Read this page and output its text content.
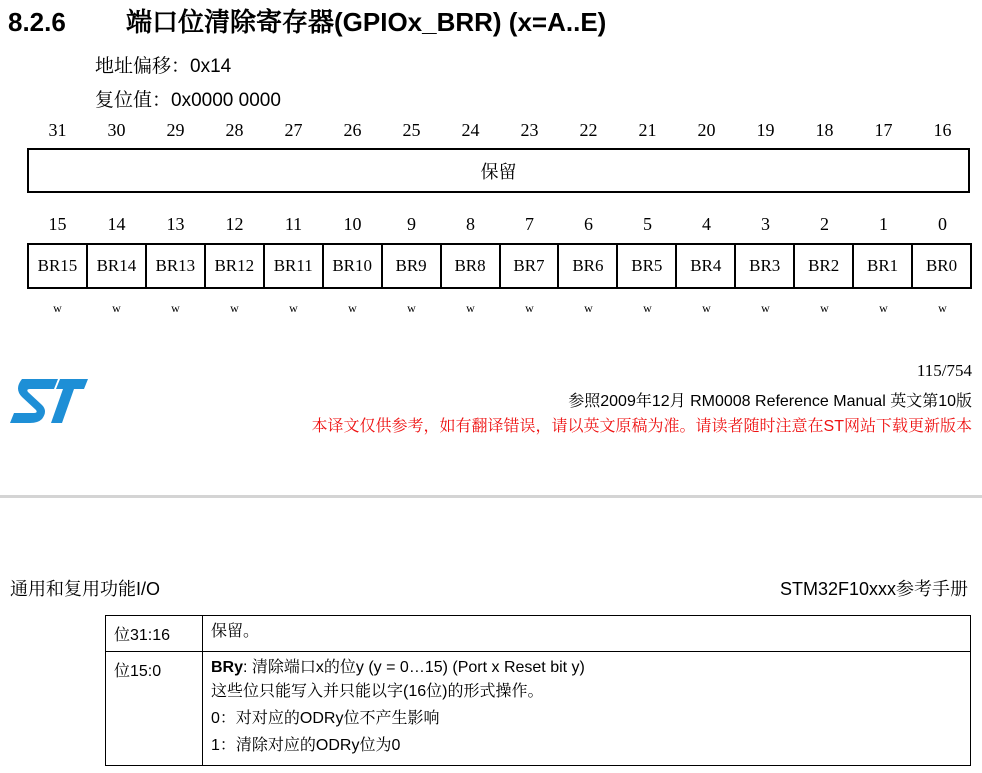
8.2.6 端口位清除寄存器(GPIOx_BRR) (x=A..E)
地址偏移：0x14
复位值：0x0000 0000
31	30	29	28	27	26	25	24	23	22	21	20	19	18	17	16
保留
15	14	13	12	11	10	9	8	7	6	5	4	3	2	1	0
BR15	BR14	BR13	BR12	BR11	BR10	BR9	BR8	BR7	BR6	BR5	BR4	BR3	BR2	BR1	BR0
w	w	w	w	w	w	w	w	w	w	w	w	w	w	w	w
115/754
参照2009年12月 RM0008 Reference Manual 英文第10版
本译文仅供参考，如有翻译错误，请以英文原稿为准。请读者随时注意在ST网站下载更新版本
通用和复用功能I/O	STM32F10xxx参考手册
位31:16	保留。

位15:0	BRy: 清除端口x的位y (y = 0…15) (Port x Reset bit y)
这些位只能写入并只能以字(16位)的形式操作。
0：对对应的ODRy位不产生影响
1：清除对应的ODRy位为0
